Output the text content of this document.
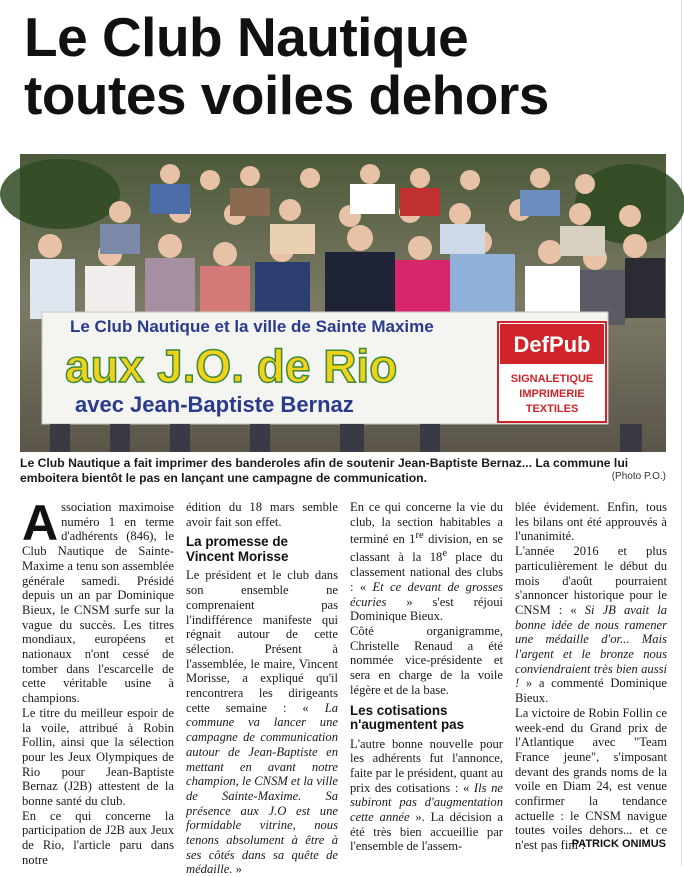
Le Club Nautique
toutes voiles dehors
Le Club Nautique et la ville de Sainte Maxime
aux J.O. de Rio
avec Jean-Baptiste Bernaz
DefPub
SIGNALETIQUE
IMPRIMERIE
TEXTILES
Le Club Nautique a fait imprimer des banderoles afin de soutenir Jean-Baptiste Bernaz... La commune lui emboitera bientôt le pas en lançant une campagne de communication.	(Photo P.O.)

Association maximoise numéro 1 en terme d'adhérents (846), le Club Nautique de Sainte-Maxime a tenu son assemblée générale samedi. Présidé depuis un an par Dominique Bieux, le CNSM surfe sur la vague du succès. Les titres mondiaux, européens et nationaux n'ont cessé de tomber dans l'escarcelle de cette véritable usine à champions.

Le titre du meilleur espoir de la voile, attribué à Robin Follin, ainsi que la sélection pour les Jeux Olympiques de Rio pour Jean-Baptiste Bernaz (J2B) attestent de la bonne santé du club.

En ce qui concerne la participation de J2B aux Jeux de Rio, l'article paru dans notre

édition du 18 mars semble avoir fait son effet.

La promesse de Vincent Morisse

Le président et le club dans son ensemble ne comprenaient pas l'indifférence manifeste qui régnait autour de cette sélection. Présent à l'assemblée, le maire, Vincent Morisse, a expliqué qu'il rencontrera les dirigeants cette semaine : « La commune va lancer une campagne de communication autour de Jean-Baptiste en mettant en avant notre champion, le CNSM et la ville de Sainte-Maxime. Sa présence aux J.O est une formidable vitrine, nous tenons absolument à être à ses côtés dans sa quête de médaille. »

En ce qui concerne la vie du club, la section habitables a terminé en 1re division, en se classant à la 18e place du classement national des clubs : « Et ce devant de grosses écuries » s'est réjoui Dominique Bieux.

Côté organigramme, Christelle Renaud a été nommée vice-présidente et sera en charge de la voile légère et de la base.

Les cotisations n'augmentent pas

L'autre bonne nouvelle pour les adhérents fut l'annonce, faite par le président, quant au prix des cotisations : « Ils ne subiront pas d'augmentation cette année ». La décision a été très bien accueillie par l'ensemble de l'assem-

blée évidement. Enfin, tous les bilans ont été approuvés à l'unanimité.

L'année 2016 et plus particulièrement le début du mois d'août pourraient s'annoncer historique pour le CNSM : « Si JB avait la bonne idée de nous ramener une médaille d'or... Mais l'argent et le bronze nous conviendraient très bien aussi ! » a commenté Dominique Bieux.

La victoire de Robin Follin ce week-end du Grand prix de l'Atlantique avec "Team France jeune", s'imposant devant des grands noms de la voile en Diam 24, est venue confirmer la tendance actuelle : le CNSM navigue toutes voiles dehors... et ce n'est pas fini !

PATRICK ONIMUS
